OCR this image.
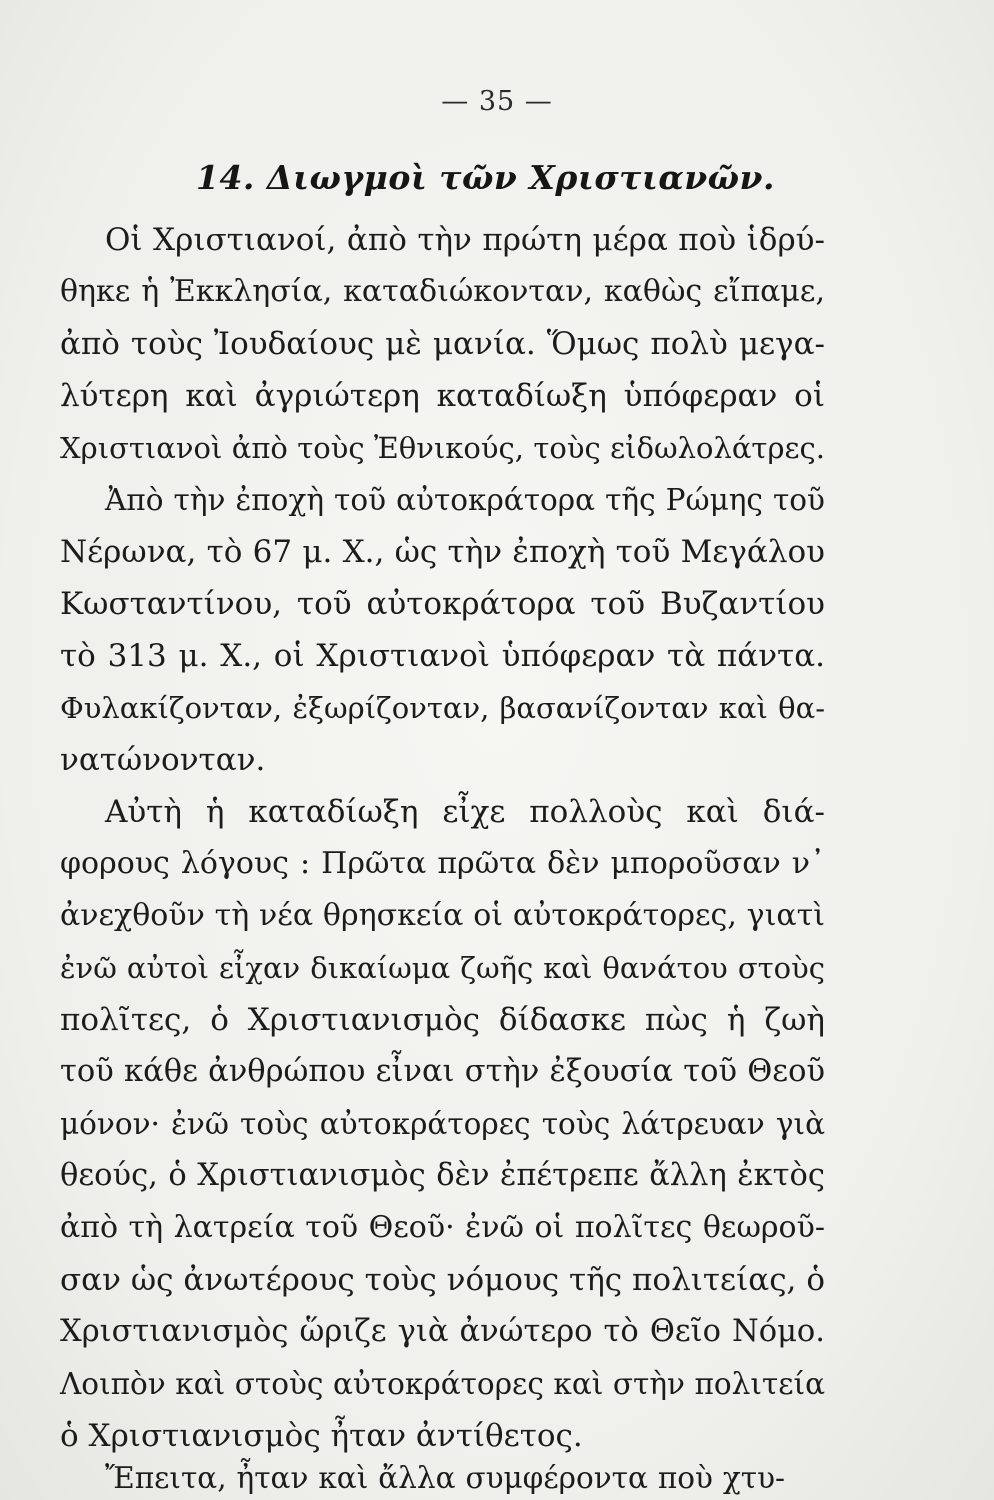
— 35 —
14. Διωγμοὶ τῶν Χριστιανῶν.
Οἱ Χριστιανοί, ἀπὸ τὴν πρώτη μέρα ποὺ ἱδρύ-
θηκε ἡ Ἐκκλησία, καταδιώκονταν, καθὼς εἴπαμε,
ἀπὸ τοὺς Ἰουδαίους μὲ μανία. Ὅμως πολὺ μεγα-
λύτερη καὶ ἀγριώτερη καταδίωξη ὑπόφεραν οἱ
Χριστιανοὶ ἀπὸ τοὺς Ἐθνικούς, τοὺς εἰδωλολάτρες.
Ἀπὸ τὴν ἐποχὴ τοῦ αὐτοκράτορα τῆς Ρώμης τοῦ
Νέρωνα, τὸ 67 μ. Χ., ὡς τὴν ἐποχὴ τοῦ Μεγάλου
Κωσταντίνου, τοῦ αὐτοκράτορα τοῦ Βυζαντίου
τὸ 313 μ. Χ., οἱ Χριστιανοὶ ὑπόφεραν τὰ πάντα.
Φυλακίζονταν, ἐξωρίζονταν, βασανίζονταν καὶ θα-
νατώνονταν.
Αὐτὴ ἡ καταδίωξη εἶχε πολλοὺς καὶ διά-
φορους λόγους : Πρῶτα πρῶτα δὲν μποροῦσαν ν᾽
ἀνεχθοῦν τὴ νέα θρησκεία οἱ αὐτοκράτορες, γιατὶ
ἐνῶ αὐτοὶ εἶχαν δικαίωμα ζωῆς καὶ θανάτου στοὺς
πολῖτες, ὁ Χριστιανισμὸς δίδασκε πὼς ἡ ζωὴ
τοῦ κάθε ἀνθρώπου εἶναι στὴν ἐξουσία τοῦ Θεοῦ
μόνον· ἐνῶ τοὺς αὐτοκράτορες τοὺς λάτρευαν γιὰ
θεούς, ὁ Χριστιανισμὸς δὲν ἐπέτρεπε ἄλλη ἐκτὸς
ἀπὸ τὴ λατρεία τοῦ Θεοῦ· ἐνῶ οἱ πολῖτες θεωροῦ-
σαν ὡς ἀνωτέρους τοὺς νόμους τῆς πολιτείας, ὁ
Χριστιανισμὸς ὥριζε γιὰ ἀνώτερο τὸ Θεῖο Νόμο.
Λοιπὸν καὶ στοὺς αὐτοκράτορες καὶ στὴν πολιτεία
ὁ Χριστιανισμὸς ἦταν ἀντίθετος.
Ἔπειτα, ἦταν καὶ ἄλλα συμφέροντα ποὺ χτυ-
